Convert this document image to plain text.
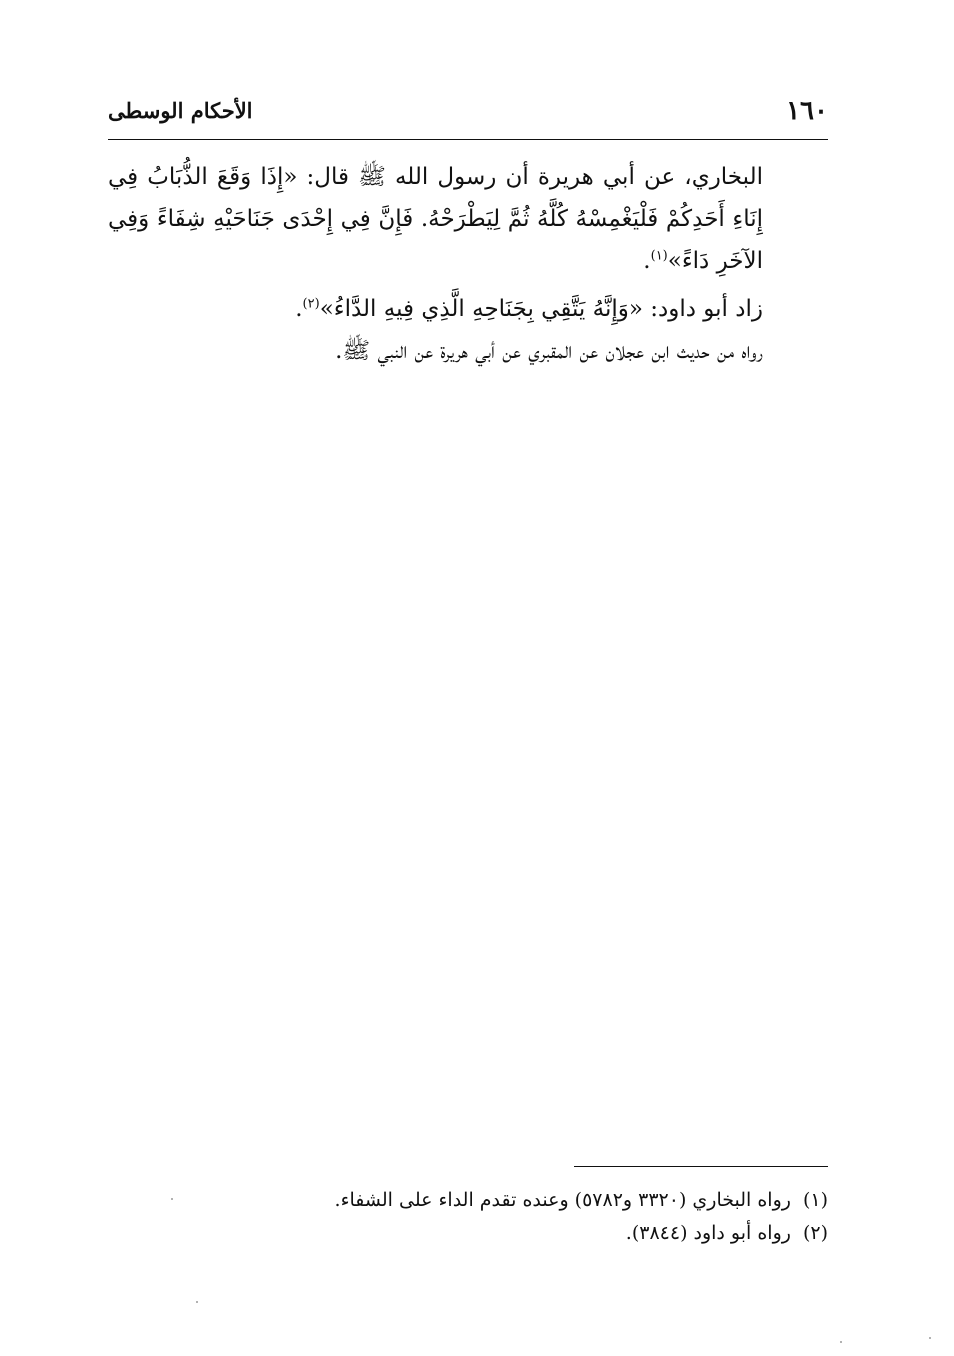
١٦٠
الأحكام الوسطى

البخاري، عن أبي هريرة أن رسول الله ﷺ قال: «إِذَا وَقَعَ الذُّبَابُ فِي إِنَاءِ أَحَدِكُمْ فَلْيَغْمِسْهُ كُلَّهُ ثُمَّ لِيَطْرَحْهُ. فَإِنَّ فِي إِحْدَى جَنَاحَيْهِ شِفَاءً وَفِي الآخَرِ دَاءً»$^{(١)}$.

زاد أبو داود: «وَإِنَّهُ يَتَّقِي بِجَنَاحِهِ الَّذِي فِيهِ الدَّاءُ»$^{(٢)}$.

رواه من حديث ابن عجلان عن المقبري عن أبي هريرة عن النبي ﷺ.

(١)رواه البخاري (٣٣٢٠ و٥٧٨٢) وعنده تقدم الداء على الشفاء.

(٢)رواه أبو داود (٣٨٤٤).
